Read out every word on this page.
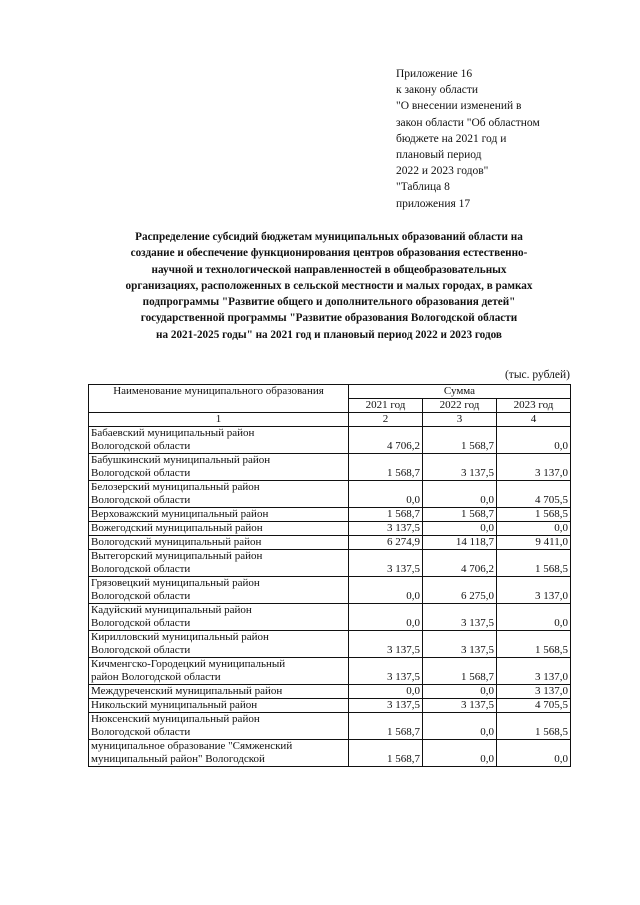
Приложение 16
к закону области
"О внесении изменений в
закон области "Об областном
бюджете на 2021 год и
плановый период
2022 и 2023 годов"
"Таблица 8
приложения 17
Распределение субсидий бюджетам муниципальных образований области на
создание и обеспечение функционирования центров образования естественно-
научной и технологической направленностей в общеобразовательных
организациях, расположенных в сельской местности и малых городах, в рамках
подпрограммы "Развитие общего и дополнительного образования детей"
государственной программы "Развитие образования Вологодской области
на 2021-2025 годы" на 2021 год и плановый период 2022 и 2023 годов
(тыс. рублей)
Наименование муниципального образования	Сумма		
	2021 год	2022 год	2023 год
1	2	3	4

Бабаевский муниципальный район
Вологодской области	4 706,2	1 568,7	0,0

Бабушкинский муниципальный район
Вологодской области	1 568,7	3 137,5	3 137,0

Белозерский муниципальный район
Вологодской области	0,0	0,0	4 705,5

Верховажский муниципальный район	1 568,7	1 568,7	1 568,5

Вожегодский муниципальный район	3 137,5	0,0	0,0

Вологодский муниципальный район	6 274,9	14 118,7	9 411,0

Вытегорский муниципальный район
Вологодской области	3 137,5	4 706,2	1 568,5

Грязовецкий муниципальный район
Вологодской области	0,0	6 275,0	3 137,0

Кадуйский муниципальный район
Вологодской области	0,0	3 137,5	0,0

Кирилловский муниципальный район
Вологодской области	3 137,5	3 137,5	1 568,5

Кичменгско-Городецкий муниципальный
район Вологодской области	3 137,5	1 568,7	3 137,0

Междуреченский муниципальный район	0,0	0,0	3 137,0

Никольский муниципальный район	3 137,5	3 137,5	4 705,5

Нюксенский муниципальный район
Вологодской области	1 568,7	0,0	1 568,5

муниципальное образование "Сямженский
муниципальный район" Вологодской	1 568,7	0,0	0,0
